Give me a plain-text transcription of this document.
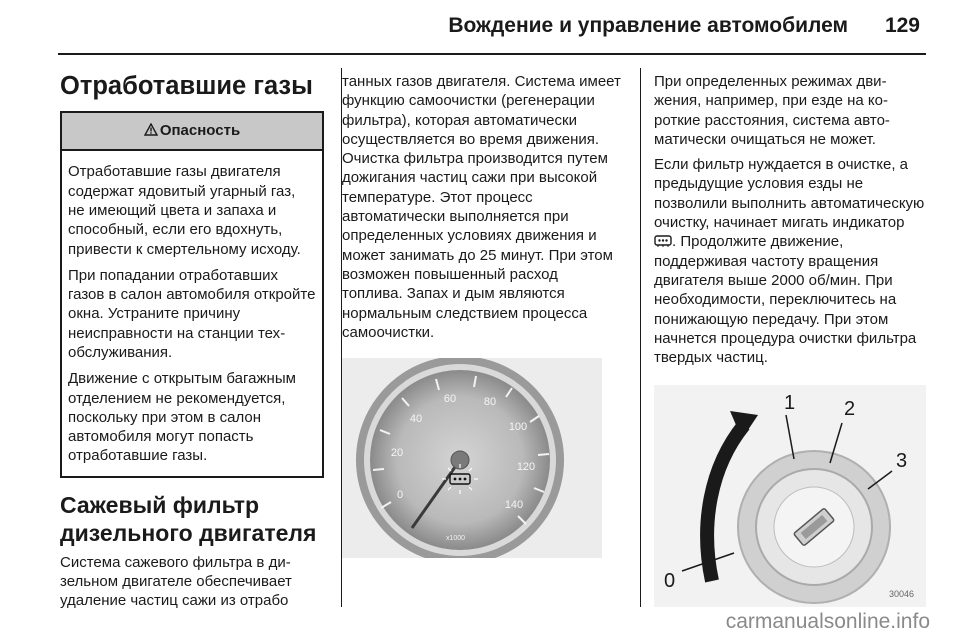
Вождение и управление автомобилем 129
Отработавшие газы
Опасность

Отработавшие газы двигателя содержат ядовитый угарный газ, не имеющий цвета и запаха и способный, если его вдохнуть, привести к смертельному исходу.

При попадании отработавших газов в салон автомобиля откройте окна. Устраните причину неисправности на станции техобслуживания.

Движение с открытым багажным отделением не рекомендуется, поскольку при этом в салон автомобиля могут попасть отработавшие газы.

Сажевый фильтр дизельного двигателя

Система сажевого фильтра в дизельном двигателе обеспечивает удаление частиц сажи из отрабо

танных газов двигателя. Система имеет функцию самоочистки (регенерации фильтра), которая автоматически осуществляется во время движения. Очистка фильтра производится путем дожигания частиц сажи при высокой температуре. Этот процесс автоматически выполняется при определенных условиях движения и может занимать до 25 минут. При этом возможен повышенный расход топлива. Запах и дым являются нормальным следствием процесса самоочистки.

0
20
40
60	80
100
120
140
x1000

При определенных режимах движения, например, при езде на короткие расстояния, система автоматически очищаться не может.

Если фильтр нуждается в очистке, а предыдущие условия езды не позволили выполнить автоматическую очистку, начинает мигать индикатор . Продолжите движение, поддерживая частоту вращения двигателя выше 2000 об/мин. При необходимости, переключитесь на понижающую передачу. При этом начнется процедура очистки фильтра твердых частиц.

0
1 2
3
30046
carmanualsonline.info
